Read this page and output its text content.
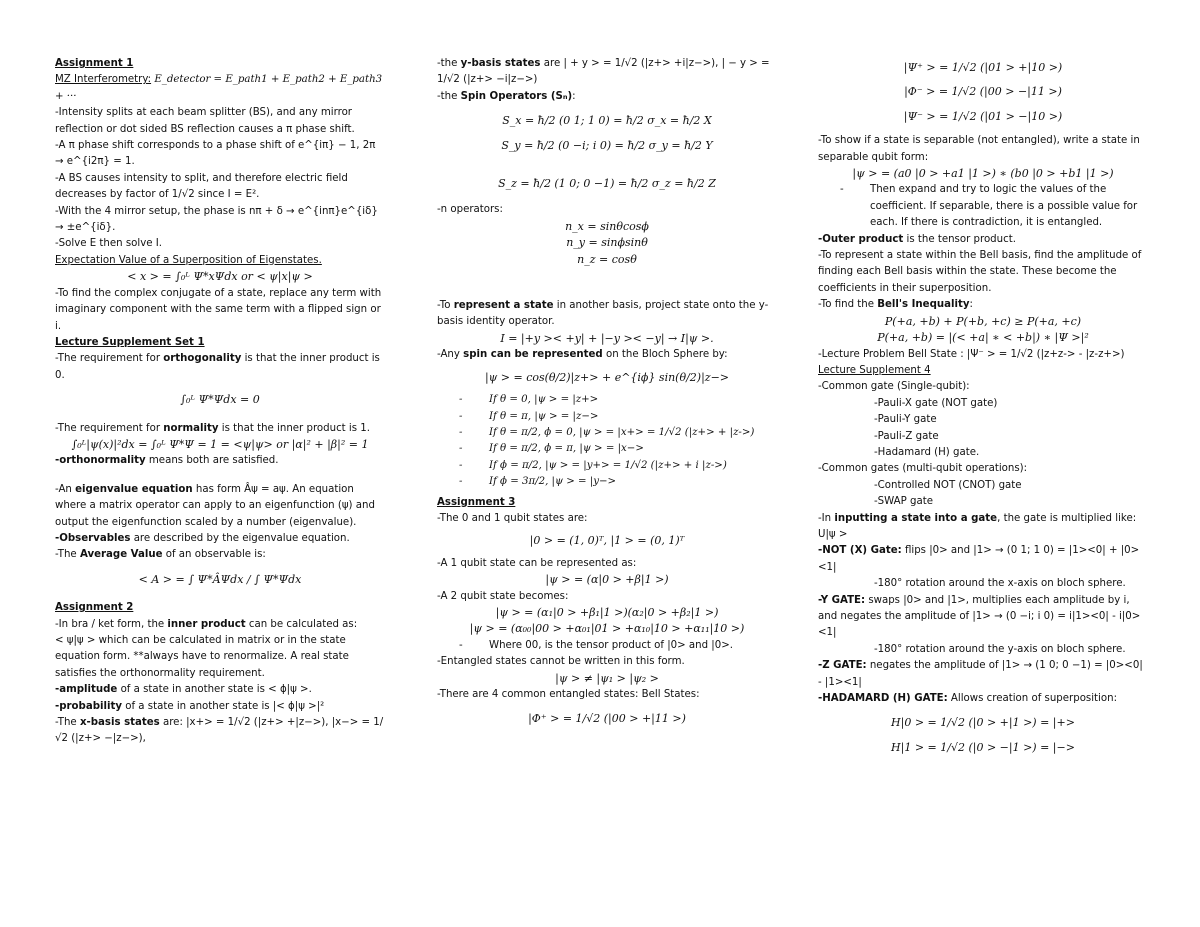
Assignment 1

MZ Interferometry: E_detector = E_path1 + E_path2 + E_path3 + ···

-Intensity splits at each beam splitter (BS), and any mirror reflection or dot sided BS reflection causes a π phase shift.

-A π phase shift corresponds to a phase shift of e^{iπ} − 1, 2π → e^{i2π} = 1.

-A BS causes intensity to split, and therefore electric field decreases by factor of 1/√2 since I = E².

-With the 4 mirror setup, the phase is nπ + δ → e^{inπ}e^{iδ} → ±e^{iδ}.

-Solve E then solve I.

Expectation Value of a Superposition of Eigenstates.

< x > = ∫₀ᴸ Ψ*xΨdx or < ψ|x|ψ >

-To find the complex conjugate of a state, replace any term with imaginary component with the same term with a flipped sign or i.

Lecture Supplement Set 1

-The requirement for orthogonality is that the inner product is 0.

∫₀ᴸ Ψ*Ψdx = 0

-The requirement for normality is that the inner product is 1.

∫₀ᴸ|ψ(x)|²dx = ∫₀ᴸ Ψ*Ψ = 1 = <ψ|ψ> or |α|² + |β|² = 1

-orthonormality means both are satisfied.

-An eigenvalue equation has form Âψ = aψ. An equation where a matrix operator can apply to an eigenfunction (ψ) and output the eigenfunction scaled by a number (eigenvalue).

-Observables are described by the eigenvalue equation.

-The Average Value of an observable is:

< A > = ∫ Ψ*ÂΨdx / ∫ Ψ*Ψdx

Assignment 2

-In bra / ket form, the inner product can be calculated as:

< ψ|ψ > which can be calculated in matrix or in the state equation form. **always have to renormalize. A real state satisfies the orthonormality requirement.

-amplitude of a state in another state is < ϕ|ψ >.

-probability of a state in another state is |< ϕ|ψ >|²

-The x-basis states are: |x+> = 1/√2 (|z+> +|z−>), |x−> = 1/√2 (|z+> −|z−>),

-the y-basis states are | + y > = 1/√2 (|z+> +i|z−>), | − y > = 1/√2 (|z+> −i|z−>)

-the Spin Operators (Sₙ):

S_x = ħ/2 (0 1; 1 0) = ħ/2 σ_x = ħ/2 X

S_y = ħ/2 (0 −i; i 0) = ħ/2 σ_y = ħ/2 Y

S_z = ħ/2 (1 0; 0 −1) = ħ/2 σ_z = ħ/2 Z

-n operators:

n_x = sinθcosϕ

n_y = sinϕsinθ

n_z = cosθ

-To represent a state in another basis, project state onto the y-basis identity operator.

I = |+y >< +y| + |−y >< −y| → I|ψ >.

-Any spin can be represented on the Bloch Sphere by:

|ψ > = cos(θ/2)|z+> + e^{iϕ} sin(θ/2)|z−>

- If θ = 0, |ψ > = |z+>

- If θ = π, |ψ > = |z−>

- If θ = π/2, ϕ = 0, |ψ > = |x+> = 1/√2 (|z+> + |z->)

- If θ = π/2, ϕ = π, |ψ > = |x−>

- If ϕ = π/2, |ψ > = |y+> = 1/√2 (|z+> + i |z->)

- If ϕ = 3π/2, |ψ > = |y−>

Assignment 3

-The 0 and 1 qubit states are:

|0 > = (1, 0)ᵀ, |1 > = (0, 1)ᵀ

-A 1 qubit state can be represented as:

|ψ > = (α|0 > +β|1 >)

-A 2 qubit state becomes:

|ψ > = (α₁|0 > +β₁|1 >)(α₂|0 > +β₂|1 >)

|ψ > = (α₀₀|00 > +α₀₁|01 > +α₁₀|10 > +α₁₁|10 >)

- Where 00, is the tensor product of |0> and |0>.

-Entangled states cannot be written in this form.

|ψ > ≠ |ψ₁ > |ψ₂ >

-There are 4 common entangled states: Bell States:

|Φ⁺ > = 1/√2 (|00 > +|11 >)

|Ψ⁺ > = 1/√2 (|01 > +|10 >)

|Φ⁻ > = 1/√2 (|00 > −|11 >)

|Ψ⁻ > = 1/√2 (|01 > −|10 >)

-To show if a state is separable (not entangled), write a state in separable qubit form:

|ψ > = (a0 |0 > +a1 |1 >) ∗ (b0 |0 > +b1 |1 >)

- Then expand and try to logic the values of the coefficient. If separable, there is a possible value for each. If there is contradiction, it is entangled.

-Outer product is the tensor product.

-To represent a state within the Bell basis, find the amplitude of finding each Bell basis within the state. These become the coefficients in their superposition.

-To find the Bell's Inequality:

P(+a, +b) + P(+b, +c) ≥ P(+a, +c)

P(+a, +b) = |(< +a| ∗ < +b|) ∗ |Ψ >|²

-Lecture Problem Bell State : |Ψ⁻ > = 1/√2 (|z+z-> - |z-z+>)

Lecture Supplement 4

-Common gate (Single-qubit):

-Pauli-X gate (NOT gate)

-Pauli-Y gate

-Pauli-Z gate

-Hadamard (H) gate.

-Common gates (multi-qubit operations):

-Controlled NOT (CNOT) gate

-SWAP gate

-In inputting a state into a gate, the gate is multiplied like: U|ψ >

-NOT (X) Gate: flips |0> and |1> → (0 1; 1 0) = |1><0| + |0><1|

-180° rotation around the x-axis on bloch sphere.

-Y GATE: swaps |0> and |1>, multiplies each amplitude by i, and negates the amplitude of |1> → (0 −i; i 0) = i|1><0| - i|0><1|

-180° rotation around the y-axis on bloch sphere.

-Z GATE: negates the amplitude of |1> → (1 0; 0 −1) = |0><0| - |1><1|

-HADAMARD (H) GATE: Allows creation of superposition:

H|0 > = 1/√2 (|0 > +|1 >) = |+>

H|1 > = 1/√2 (|0 > −|1 >) = |−>
